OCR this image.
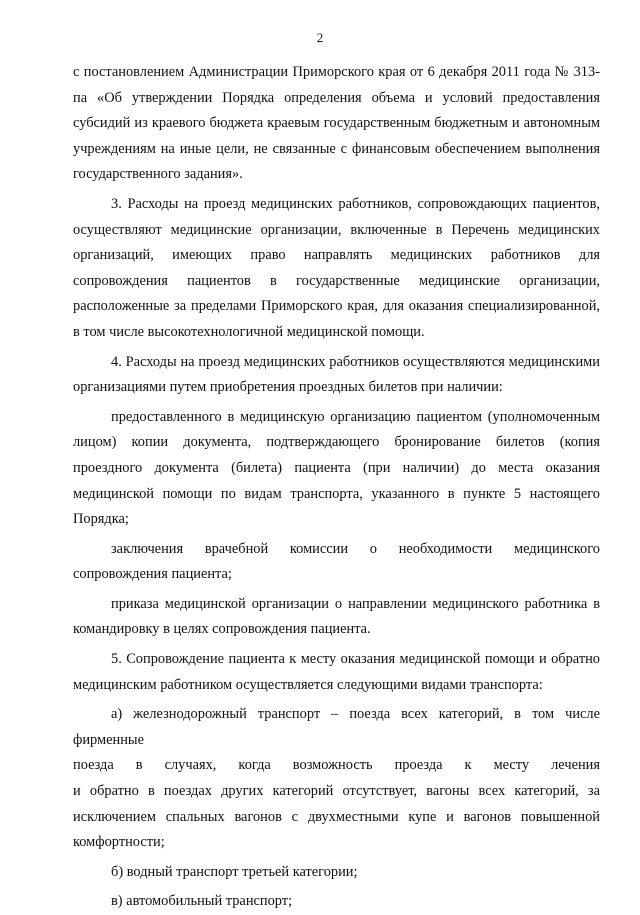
2

с постановлением Администрации Приморского края от 6 декабря 2011 года № 313-па «Об утверждении Порядка определения объема и условий предоставления субсидий из краевого бюджета краевым государственным бюджетным и автономным учреждениям на иные цели, не связанные с финансовым обеспечением выполнения государственного задания».

3. Расходы на проезд медицинских работников, сопровождающих пациентов, осуществляют медицинские организации, включенные в Перечень медицинских организаций, имеющих право направлять медицинских работников для сопровождения пациентов в государственные медицинские организации, расположенные за пределами Приморского края, для оказания специализированной, в том числе высокотехнологичной медицинской помощи.

4. Расходы на проезд медицинских работников осуществляются медицинскими организациями путем приобретения проездных билетов при наличии:

предоставленного в медицинскую организацию пациентом (уполномоченным лицом) копии документа, подтверждающего бронирование билетов (копия проездного документа (билета) пациента (при наличии) до места оказания медицинской помощи по видам транспорта, указанного в пункте 5 настоящего Порядка;

заключения врачебной комиссии о необходимости медицинского сопровождения пациента;

приказа медицинской организации о направлении медицинского работника в командировку в целях сопровождения пациента.

5. Сопровождение пациента к месту оказания медицинской помощи и обратно медицинским работником осуществляется следующими видами транспорта:

а) железнодорожный транспорт – поезда всех категорий, в том числе фирменные

поезда в случаях, когда возможность проезда к месту лечения

и обратно в поездах других категорий отсутствует, вагоны всех категорий, за исключением спальных вагонов с двухместными купе и вагонов повышенной комфортности;

б) водный транспорт третьей категории;

в) автомобильный транспорт;
